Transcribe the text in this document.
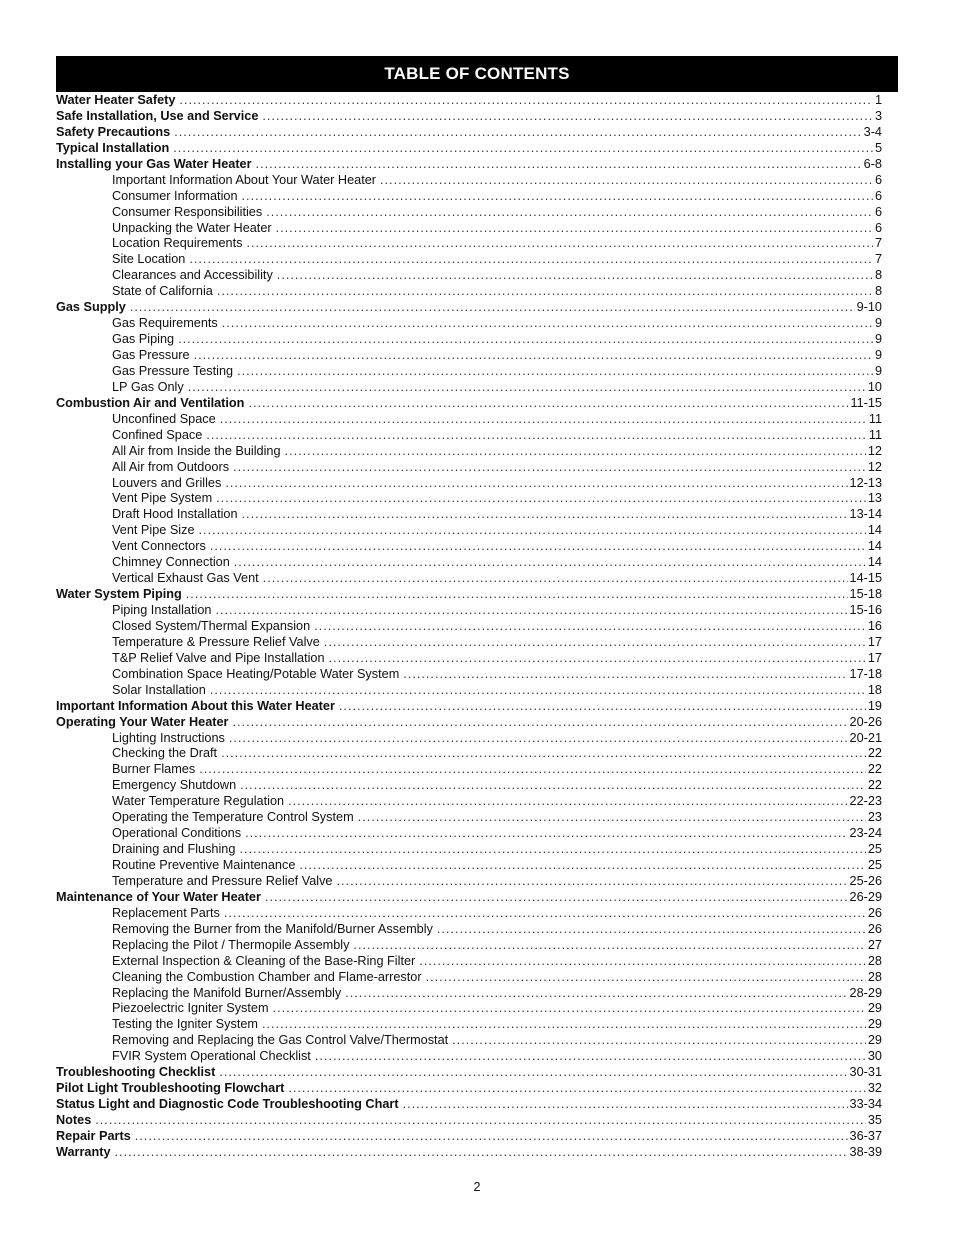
TABLE OF CONTENTS
Water Heater Safety .....	1
Safe Installation, Use and Service .....	3
Safety Precautions .....	3-4
Typical Installation .....	5
Installing your Gas Water Heater .....	6-8
Important Information About Your Water Heater .....	6
Consumer Information .....	6
Consumer Responsibilities .....	6
Unpacking the Water Heater .....	6
Location Requirements .....	7
Site Location .....	7
Clearances and Accessibility .....	8
State of California .....	8
Gas Supply .....	9-10
Gas Requirements .....	9
Gas Piping .....	9
Gas Pressure .....	9
Gas Pressure Testing .....	9
LP Gas Only .....	10
Combustion Air and Ventilation .....	11-15
Unconfined Space .....	11
Confined Space .....	11
All Air from Inside the Building .....	12
All Air from Outdoors .....	12
Louvers and Grilles .....	12-13
Vent Pipe System .....	13
Draft Hood Installation .....	13-14
Vent Pipe Size .....	14
Vent Connectors .....	14
Chimney Connection .....	14
Vertical Exhaust Gas Vent .....	14-15
Water System Piping .....	15-18
Piping Installation .....	15-16
Closed System/Thermal Expansion .....	16
Temperature & Pressure Relief Valve .....	17
T&P Relief Valve and Pipe Installation .....	17
Combination Space Heating/Potable Water System .....	17-18
Solar Installation .....	18
Important Information About this Water Heater .....	19
Operating Your Water Heater .....	20-26
Lighting Instructions .....	20-21
Checking the Draft .....	22
Burner Flames .....	22
Emergency Shutdown .....	22
Water Temperature Regulation .....	22-23
Operating the Temperature Control System .....	23
Operational Conditions .....	23-24
Draining and Flushing .....	25
Routine Preventive Maintenance .....	25
Temperature and Pressure Relief Valve .....	25-26
Maintenance of Your Water Heater .....	26-29
Replacement Parts .....	26
Removing the Burner from the Manifold/Burner Assembly .....	26
Replacing the Pilot / Thermopile Assembly .....	27
External Inspection & Cleaning of the Base-Ring Filter .....	28
Cleaning the Combustion Chamber and Flame-arrestor .....	28
Replacing the Manifold Burner/Assembly .....	28-29
Piezoelectric Igniter System .....	29
Testing the Igniter System .....	29
Removing and Replacing the Gas Control Valve/Thermostat .....	29
FVIR System Operational Checklist .....	30
Troubleshooting Checklist .....	30-31
Pilot Light Troubleshooting Flowchart .....	32
Status Light and Diagnostic Code Troubleshooting Chart .....	33-34
Notes .....	35
Repair Parts .....	36-37
Warranty .....	38-39
2
